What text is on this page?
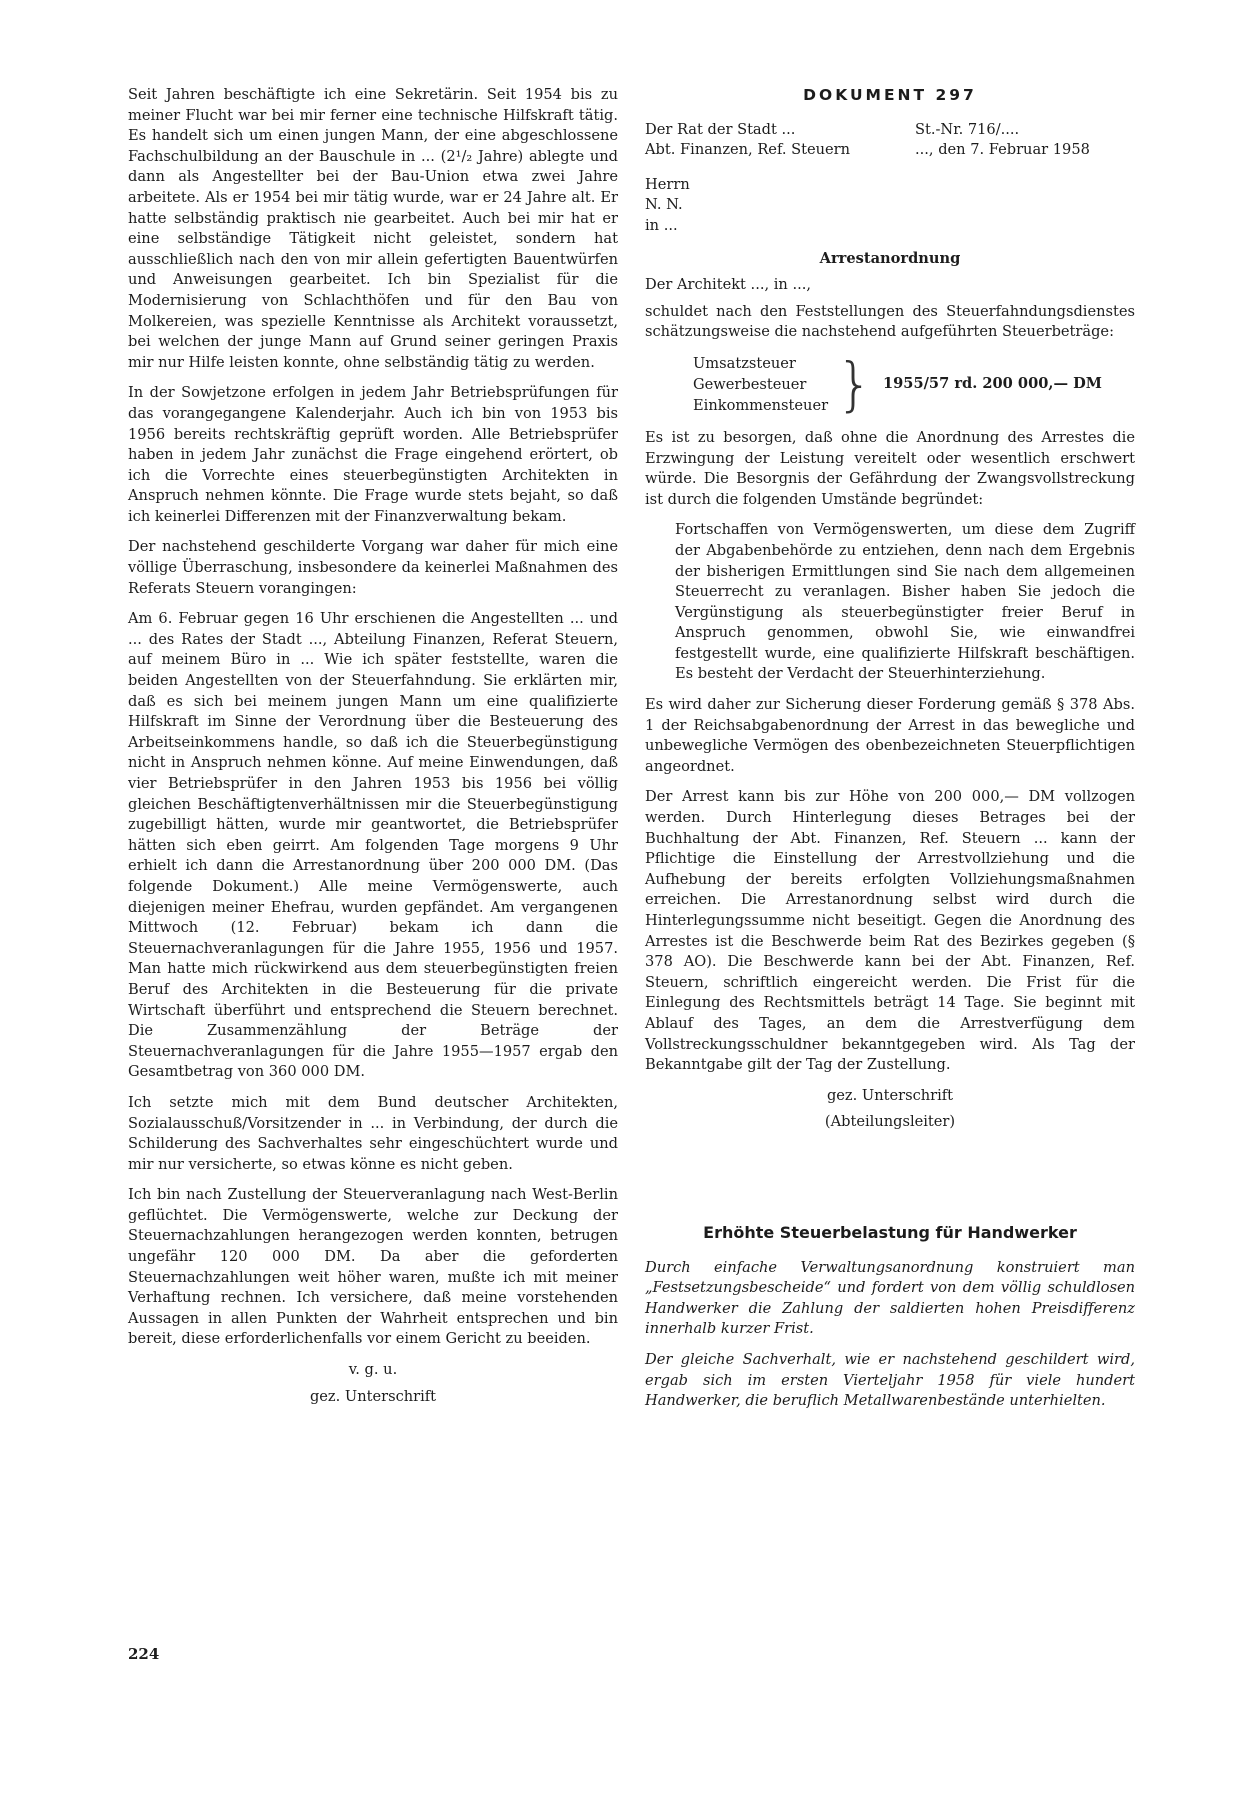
Seit Jahren beschäftigte ich eine Sekretärin. Seit 1954 bis zu meiner Flucht war bei mir ferner eine technische Hilfskraft tätig. Es handelt sich um einen jungen Mann, der eine abgeschlossene Fachschulbildung an der Bauschule in ... (2¹/₂ Jahre) ablegte und dann als Angestellter bei der Bau-Union etwa zwei Jahre arbeitete. Als er 1954 bei mir tätig wurde, war er 24 Jahre alt. Er hatte selbständig praktisch nie gearbeitet. Auch bei mir hat er eine selbständige Tätigkeit nicht geleistet, sondern hat ausschließlich nach den von mir allein gefertigten Bauentwürfen und Anweisungen gearbeitet. Ich bin Spezialist für die Modernisierung von Schlachthöfen und für den Bau von Molkereien, was spezielle Kenntnisse als Architekt voraussetzt, bei welchen der junge Mann auf Grund seiner geringen Praxis mir nur Hilfe leisten konnte, ohne selbständig tätig zu werden.

In der Sowjetzone erfolgen in jedem Jahr Betriebsprüfungen für das vorangegangene Kalenderjahr. Auch ich bin von 1953 bis 1956 bereits rechtskräftig geprüft worden. Alle Betriebsprüfer haben in jedem Jahr zunächst die Frage eingehend erörtert, ob ich die Vorrechte eines steuerbegünstigten Architekten in Anspruch nehmen könnte. Die Frage wurde stets bejaht, so daß ich keinerlei Differenzen mit der Finanzverwaltung bekam.

Der nachstehend geschilderte Vorgang war daher für mich eine völlige Überraschung, insbesondere da keinerlei Maßnahmen des Referats Steuern vorangingen:

Am 6. Februar gegen 16 Uhr erschienen die Angestellten ... und ... des Rates der Stadt ..., Abteilung Finanzen, Referat Steuern, auf meinem Büro in ... Wie ich später feststellte, waren die beiden Angestellten von der Steuerfahndung. Sie erklärten mir, daß es sich bei meinem jungen Mann um eine qualifizierte Hilfskraft im Sinne der Verordnung über die Besteuerung des Arbeitseinkommens handle, so daß ich die Steuerbegünstigung nicht in Anspruch nehmen könne. Auf meine Einwendungen, daß vier Betriebsprüfer in den Jahren 1953 bis 1956 bei völlig gleichen Beschäftigtenverhältnissen mir die Steuerbegünstigung zugebilligt hätten, wurde mir geantwortet, die Betriebsprüfer hätten sich eben geirrt. Am folgenden Tage morgens 9 Uhr erhielt ich dann die Arrestanordnung über 200 000 DM. (Das folgende Dokument.) Alle meine Vermögenswerte, auch diejenigen meiner Ehefrau, wurden gepfändet. Am vergangenen Mittwoch (12. Februar) bekam ich dann die Steuernachveranlagungen für die Jahre 1955, 1956 und 1957. Man hatte mich rückwirkend aus dem steuerbegünstigten freien Beruf des Architekten in die Besteuerung für die private Wirtschaft überführt und entsprechend die Steuern berechnet. Die Zusammenzählung der Beträge der Steuernachveranlagungen für die Jahre 1955—1957 ergab den Gesamtbetrag von 360 000 DM.

Ich setzte mich mit dem Bund deutscher Architekten, Sozialausschuß/Vorsitzender in ... in Verbindung, der durch die Schilderung des Sachverhaltes sehr eingeschüchtert wurde und mir nur versicherte, so etwas könne es nicht geben.

Ich bin nach Zustellung der Steuerveranlagung nach West-Berlin geflüchtet. Die Vermögenswerte, welche zur Deckung der Steuernachzahlungen herangezogen werden konnten, betrugen ungefähr 120 000 DM. Da aber die geforderten Steuernachzahlungen weit höher waren, mußte ich mit meiner Verhaftung rechnen. Ich versichere, daß meine vorstehenden Aussagen in allen Punkten der Wahrheit entsprechen und bin bereit, diese erforderlichenfalls vor einem Gericht zu beeiden.

v. g. u.
gez. Unterschrift
DOKUMENT 297
Der Rat der Stadt ...	St.-Nr. 716/....
Abt. Finanzen, Ref. Steuern	..., den 7. Februar 1958
Herrn
N. N.
in ...
Arrestanordnung

Der Architekt ..., in ...,

schuldet nach den Feststellungen des Steuerfahndungsdienstes schätzungsweise die nachstehend aufgeführten Steuerbeträge:

Umsatzsteuer
Gewerbesteuer
Einkommensteuer } 1955/57 rd. 200 000,— DM

Es ist zu besorgen, daß ohne die Anordnung des Arrestes die Erzwingung der Leistung vereitelt oder wesentlich erschwert würde. Die Besorgnis der Gefährdung der Zwangsvollstreckung ist durch die folgenden Umstände begründet:

Fortschaffen von Vermögenswerten, um diese dem Zugriff der Abgabenbehörde zu entziehen, denn nach dem Ergebnis der bisherigen Ermittlungen sind Sie nach dem allgemeinen Steuerrecht zu veranlagen. Bisher haben Sie jedoch die Vergünstigung als steuerbegünstigter freier Beruf in Anspruch genommen, obwohl Sie, wie einwandfrei festgestellt wurde, eine qualifizierte Hilfskraft beschäftigen. Es besteht der Verdacht der Steuerhinterziehung.

Es wird daher zur Sicherung dieser Forderung gemäß § 378 Abs. 1 der Reichsabgabenordnung der Arrest in das bewegliche und unbewegliche Vermögen des obenbezeichneten Steuerpflichtigen angeordnet.

Der Arrest kann bis zur Höhe von 200 000,— DM vollzogen werden. Durch Hinterlegung dieses Betrages bei der Buchhaltung der Abt. Finanzen, Ref. Steuern ... kann der Pflichtige die Einstellung der Arrestvollziehung und die Aufhebung der bereits erfolgten Vollziehungsmaßnahmen erreichen. Die Arrestanordnung selbst wird durch die Hinterlegungssumme nicht beseitigt. Gegen die Anordnung des Arrestes ist die Beschwerde beim Rat des Bezirkes gegeben (§ 378 AO). Die Beschwerde kann bei der Abt. Finanzen, Ref. Steuern, schriftlich eingereicht werden. Die Frist für die Einlegung des Rechtsmittels beträgt 14 Tage. Sie beginnt mit Ablauf des Tages, an dem die Arrestverfügung dem Vollstreckungsschuldner bekanntgegeben wird. Als Tag der Bekanntgabe gilt der Tag der Zustellung.

gez. Unterschrift
(Abteilungsleiter)
Erhöhte Steuerbelastung für Handwerker

Durch einfache Verwaltungsanordnung konstruiert man „Festsetzungsbescheide“ und fordert von dem völlig schuldlosen Handwerker die Zahlung der saldierten hohen Preisdifferenz innerhalb kurzer Frist.

Der gleiche Sachverhalt, wie er nachstehend geschildert wird, ergab sich im ersten Vierteljahr 1958 für viele hundert Handwerker, die beruflich Metallwarenbestände unterhielten.

224
